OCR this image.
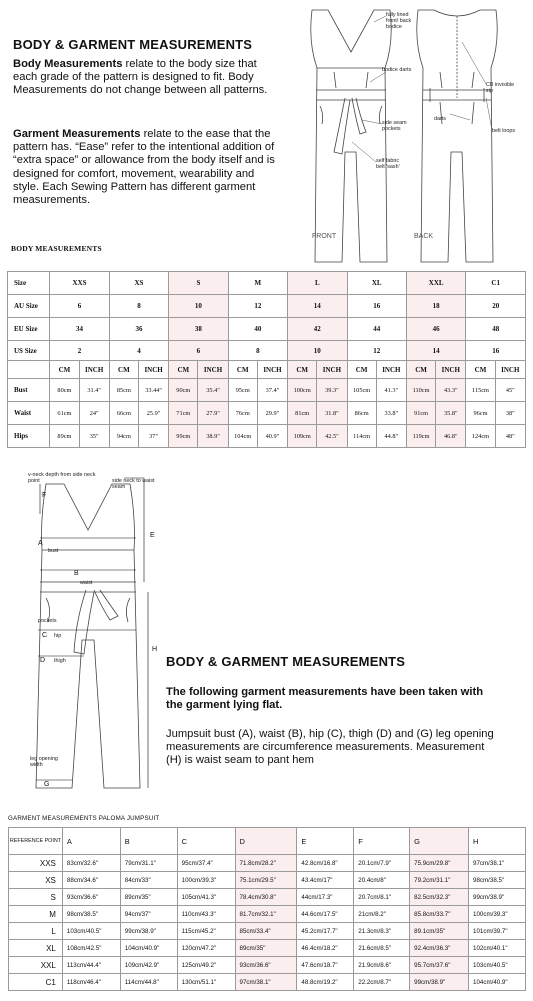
BODY & GARMENT MEASUREMENTS

Body Measurements relate to the body size that each grade of the pattern is designed to fit. Body Measurements do not change between all patterns.

Garment Measurements relate to the ease that the pattern has. “Ease” refer to the intentional addition of “extra space” or allowance from the body itself and is designed for comfort, movement, wearability and style. Each Sewing Pattern has different garment measurements.

FRONT	BACK
fully lined front/ back bodice
bodice darts
side seam pockets
self fabric belt 'sash'
CB invisible zip
darts
belt loops
BODY MEASUREMENTS
Size	XXS		XS		S		M		L		XL		XXL		C1	
AU Size	6		8		10		12		14		16		18		20	
EU Size	34		36		38		40		42		44		46		48	
US Size	2		4		6		8		10		12		14		16	
	CM	INCH	CM	INCH	CM	INCH	CM	INCH	CM	INCH	CM	INCH	CM	INCH	CM	INCH
Bust	80cm	31.4"	85cm	33.44"	90cm	35.4"	95cm	37.4"	100cm	39.3"	105cm	41.3"	110cm	43.3"	115cm	45"
Waist	61cm	24"	66cm	25.9"	71cm	27.9"	76cm	29.9"	81cm	31.8"	86cm	33.8"	91cm	35.8"	96cm	38"
Hips	89cm	35"	94cm	37"	99cm	38.9"	104cm	40.9"	109cm	42.5"	114cm	44.8"	119cm	46.8"	124cm	48"
v-neck depth from side neck point	side neck to waist seam
F
E
A
bust
B
waist
pockets
C hip
D thigh
H
leg opening width
G
BODY & GARMENT MEASUREMENTS

The following garment measurements have been taken with the garment lying flat.

Jumpsuit bust (A), waist (B), hip (C), thigh (D) and (G) leg opening measurements are circumference measurements. Measurement (H) is waist seam to pant hem

GARMENT MEASUREMENTS PALOMA JUMPSUIT
REFERENCE POINT	A	B	C	D	E	F	G	H
XXS	83cm/32.6"	79cm/31.1"	95cm/37.4"	71.8cm/28.2"	42.8cm/16.8"	20.1cm/7.9"	75.9cm/29.8"	97cm/38.1"
XS	88cm/34.6"	84cm/33"	100cm/39.3"	75.1cm/29.5"	43.4cm/17"	20.4cm/8"	79.2cm/31.1"	98cm/38.5"
S	93cm/36.6"	89cm/35"	105cm/41.3"	78.4cm/30.8"	44cm/17.3"	20.7cm/8.1"	82.5cm/32.3"	99cm/38.9"
M	98cm/38.5"	94cm/37"	110cm/43.3"	81.7cm/32.1"	44.6cm/17.5"	21cm/8.2"	85.8cm/33.7"	100cm/39.3"
L	103cm/40.5"	99cm/38.9"	115cm/45.2"	85cm/33.4"	45.2cm/17.7"	21.3cm/8.3"	89.1cm/35"	101cm/39.7"
XL	108cm/42.5"	104cm/40.9"	120cm/47.2"	89cm/35"	46.4cm/18.2"	21.6cm/8.5"	92.4cm/36.3"	102cm/40.1"
XXL	113cm/44.4"	109cm/42.9"	125cm/49.2"	93cm/36.6"	47.6cm/18.7"	21.9cm/8.6"	95.7cm/37.6"	103cm/40.5"
C1	118cm/46.4"	114cm/44.8"	130cm/51.1"	97cm/38.1"	48.8cm/19.2"	22.2cm/8.7"	99cm/38.9"	104cm/40.9"
